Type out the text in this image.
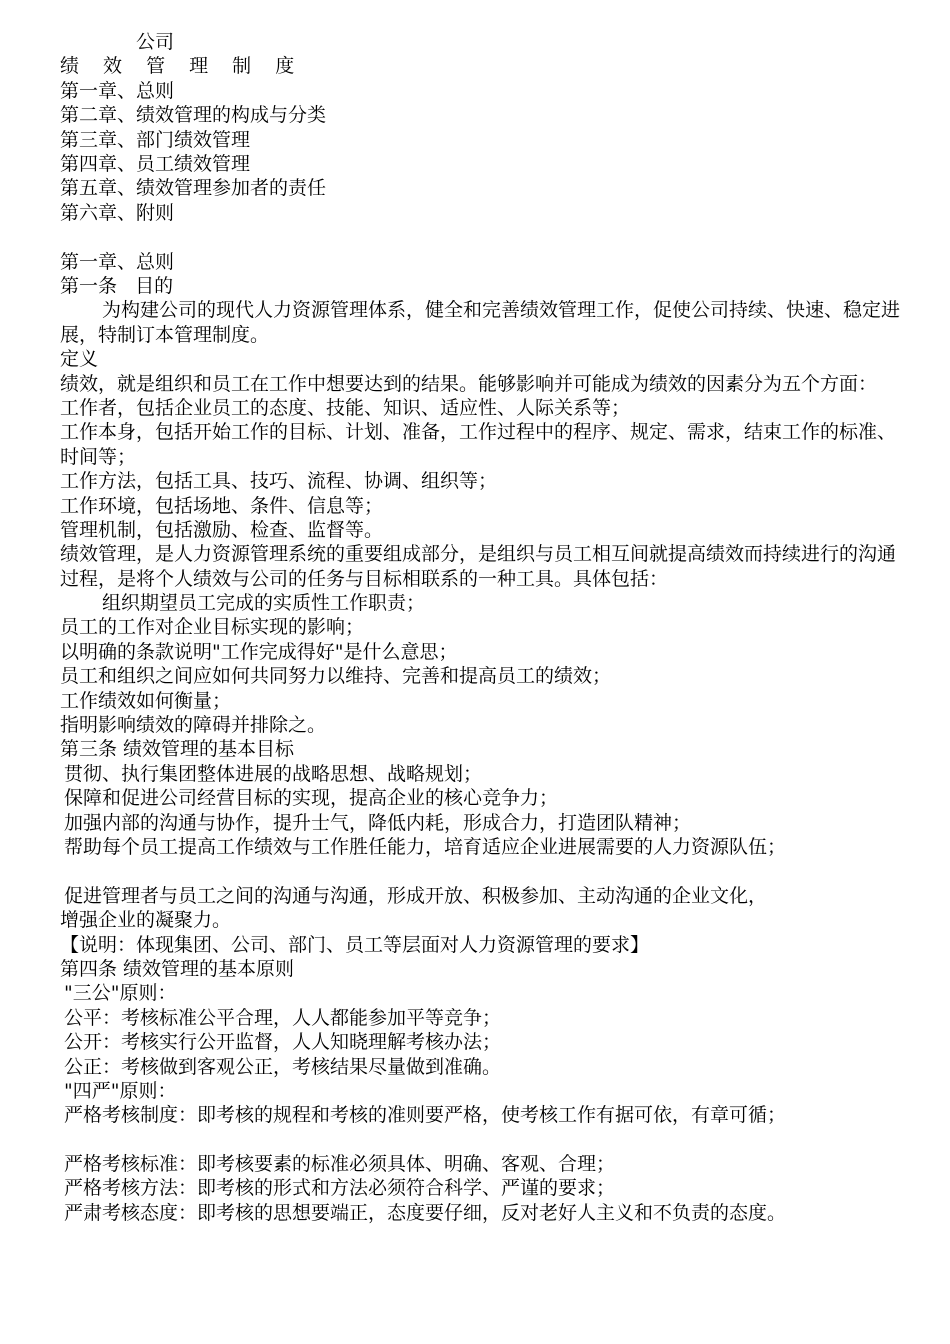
公司
绩 效 管 理 制 度
第一章、总则
第二章、绩效管理的构成与分类
第三章、部门绩效管理
第四章、员工绩效管理
第五章、绩效管理参加者的责任
第六章、附则
第一章、总则
第一条   目的
为构建公司的现代人力资源管理体系，健全和完善绩效管理工作，促使公司持续、快速、稳定进展，特制订本管理制度。
定义
绩效，就是组织和员工在工作中想要达到的结果。能够影响并可能成为绩效的因素分为五个方面：
工作者，包括企业员工的态度、技能、知识、适应性、人际关系等；
工作本身，包括开始工作的目标、计划、准备，工作过程中的程序、规定、需求，结束工作的标准、时间等；
工作方法，包括工具、技巧、流程、协调、组织等；
工作环境，包括场地、条件、信息等；
管理机制，包括激励、检查、监督等。
绩效管理，是人力资源管理系统的重要组成部分，是组织与员工相互间就提高绩效而持续进行的沟通过程，是将个人绩效与公司的任务与目标相联系的一种工具。具体包括：
组织期望员工完成的实质性工作职责；
员工的工作对企业目标实现的影响；
以明确的条款说明"工作完成得好"是什么意思；
员工和组织之间应如何共同努力以维持、完善和提高员工的绩效；
工作绩效如何衡量；
指明影响绩效的障碍并排除之。
第三条 绩效管理的基本目标
贯彻、执行集团整体进展的战略思想、战略规划；
保障和促进公司经营目标的实现，提高企业的核心竞争力；
加强内部的沟通与协作，提升士气，降低内耗，形成合力，打造团队精神；
帮助每个员工提高工作绩效与工作胜任能力，培育适应企业进展需要的人力资源队伍；
促进管理者与员工之间的沟通与沟通，形成开放、积极参加、主动沟通的企业文化，
增强企业的凝聚力。
【说明：体现集团、公司、部门、员工等层面对人力资源管理的要求】
第四条 绩效管理的基本原则
"三公"原则：
公平：考核标准公平合理，人人都能参加平等竞争；
公开：考核实行公开监督，人人知晓理解考核办法；
公正：考核做到客观公正，考核结果尽量做到准确。
"四严"原则：
严格考核制度：即考核的规程和考核的准则要严格，使考核工作有据可依，有章可循；
严格考核标准：即考核要素的标准必须具体、明确、客观、合理；
严格考核方法：即考核的形式和方法必须符合科学、严谨的要求；
严肃考核态度：即考核的思想要端正，态度要仔细，反对老好人主义和不负责的态度。
